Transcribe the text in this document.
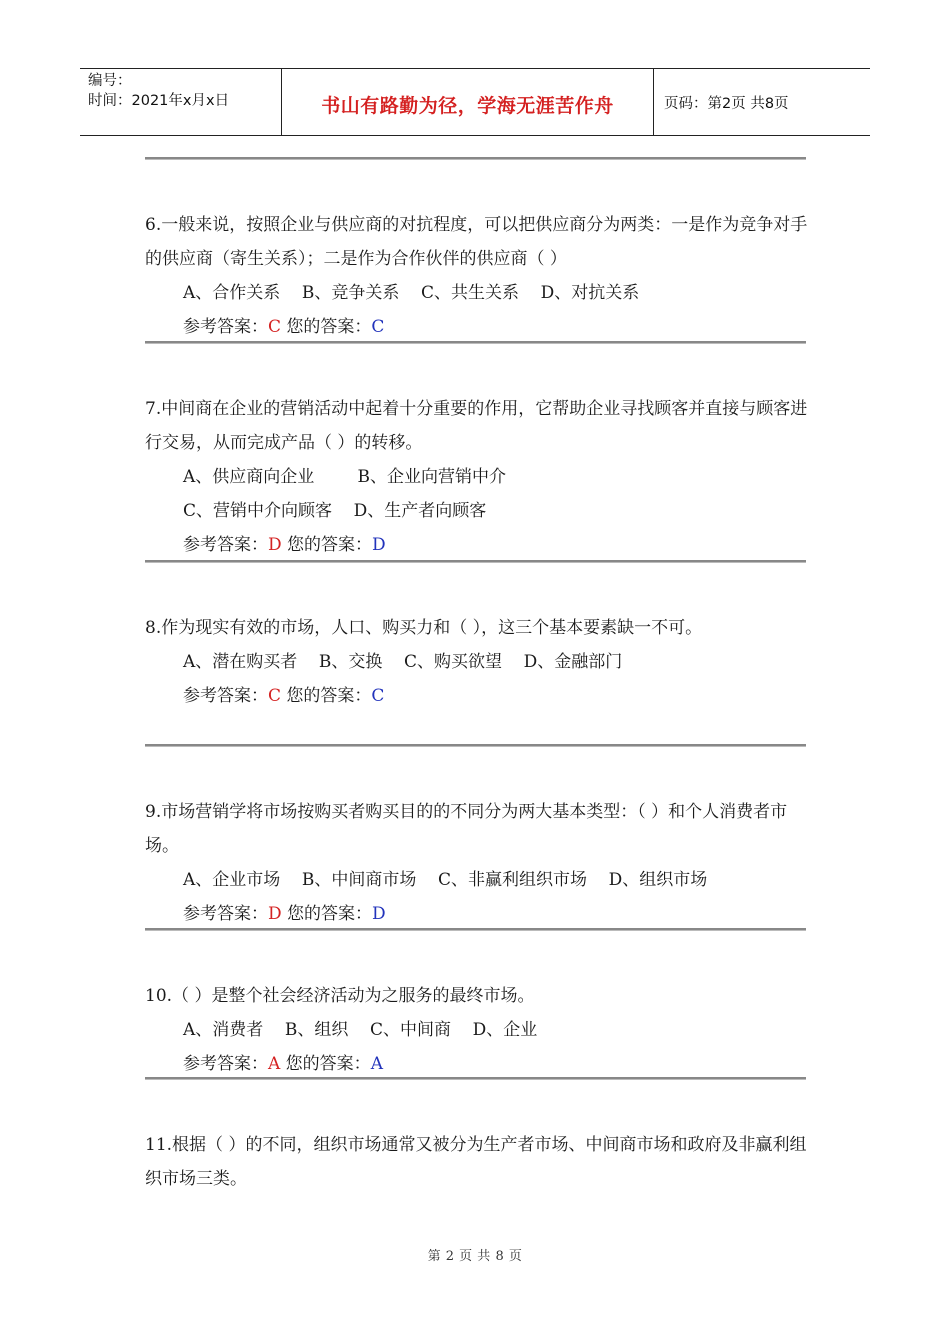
编号：
时间：2021年x月x日	书山有路勤为径，学海无涯苦作舟	页码：第2页 共8页

6.一般来说，按照企业与供应商的对抗程度，可以把供应商分为两类：一是作为竞争对手的供应商（寄生关系）；二是作为合作伙伴的供应商（ ）

A、合作关系    B、竞争关系    C、共生关系    D、对抗关系
参考答案：C 您的答案：C

7.中间商在企业的营销活动中起着十分重要的作用，它帮助企业寻找顾客并直接与顾客进行交易，从而完成产品（ ）的转移。

A、供应商向企业        B、企业向营销中介
C、营销中介向顾客    D、生产者向顾客
参考答案：D 您的答案：D

8.作为现实有效的市场，人口、购买力和（ ），这三个基本要素缺一不可。

A、潜在购买者    B、交换    C、购买欲望    D、金融部门
参考答案：C 您的答案：C

9.市场营销学将市场按购买者购买目的的不同分为两大基本类型：（ ）和个人消费者市场。

A、企业市场    B、中间商市场    C、非赢利组织市场    D、组织市场
参考答案：D 您的答案：D

10.（ ）是整个社会经济活动为之服务的最终市场。

A、消费者    B、组织    C、中间商    D、企业
参考答案：A 您的答案：A

11.根据（ ）的不同，组织市场通常又被分为生产者市场、中间商市场和政府及非赢利组织市场三类。

第 2 页 共 8 页
